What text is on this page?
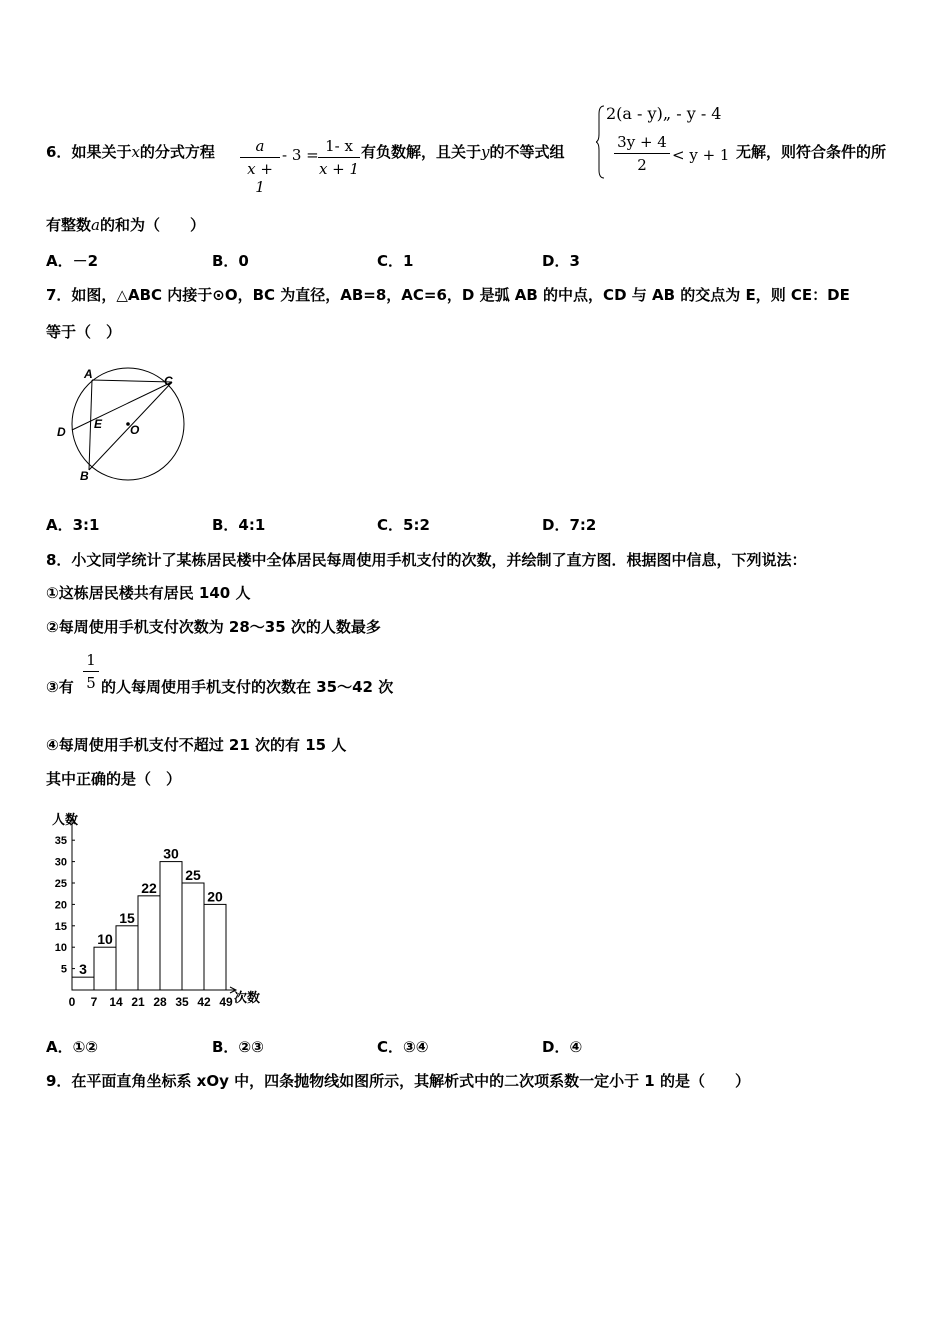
6．如果关于x的分式方程	a
x + 1
- 3 = 1- x
x + 1
有负数解，且关于y的不等式组
2(a - y)„ - y - 4
3y + 4
2
< y + 1 无解，则符合条件的所
有整数a的和为（　　）
A．－2	B．0	C．1	D．3
7．如图，△ABC 内接于⊙O，BC 为直径，AB=8，AC=6，D 是弧 AB 的中点，CD 与 AB 的交点为 E，则 CE：DE
等于（　）
A	C
D
E O
B
A．3:1	B．4:1	C．5:2	D．7:2
8．小文同学统计了某栋居民楼中全体居民每周使用手机支付的次数，并绘制了直方图．根据图中信息，下列说法：
①这栋居民楼共有居民 140 人
②每周使用手机支付次数为 28～35 次的人数最多
③有
1
5 的人每周使用手机支付的次数在 35～42 次
④每周使用手机支付不超过 21 次的有 15 人
其中正确的是（　）
人数
次数
5
10
15
20
25
30
35
0 7 14 21 28 35 42 49
3
10
15
22
30
25
20
A．①②	B．②③	C．③④	D．④
9．在平面直角坐标系 xOy 中，四条抛物线如图所示，其解析式中的二次项系数一定小于 1 的是（　　）
